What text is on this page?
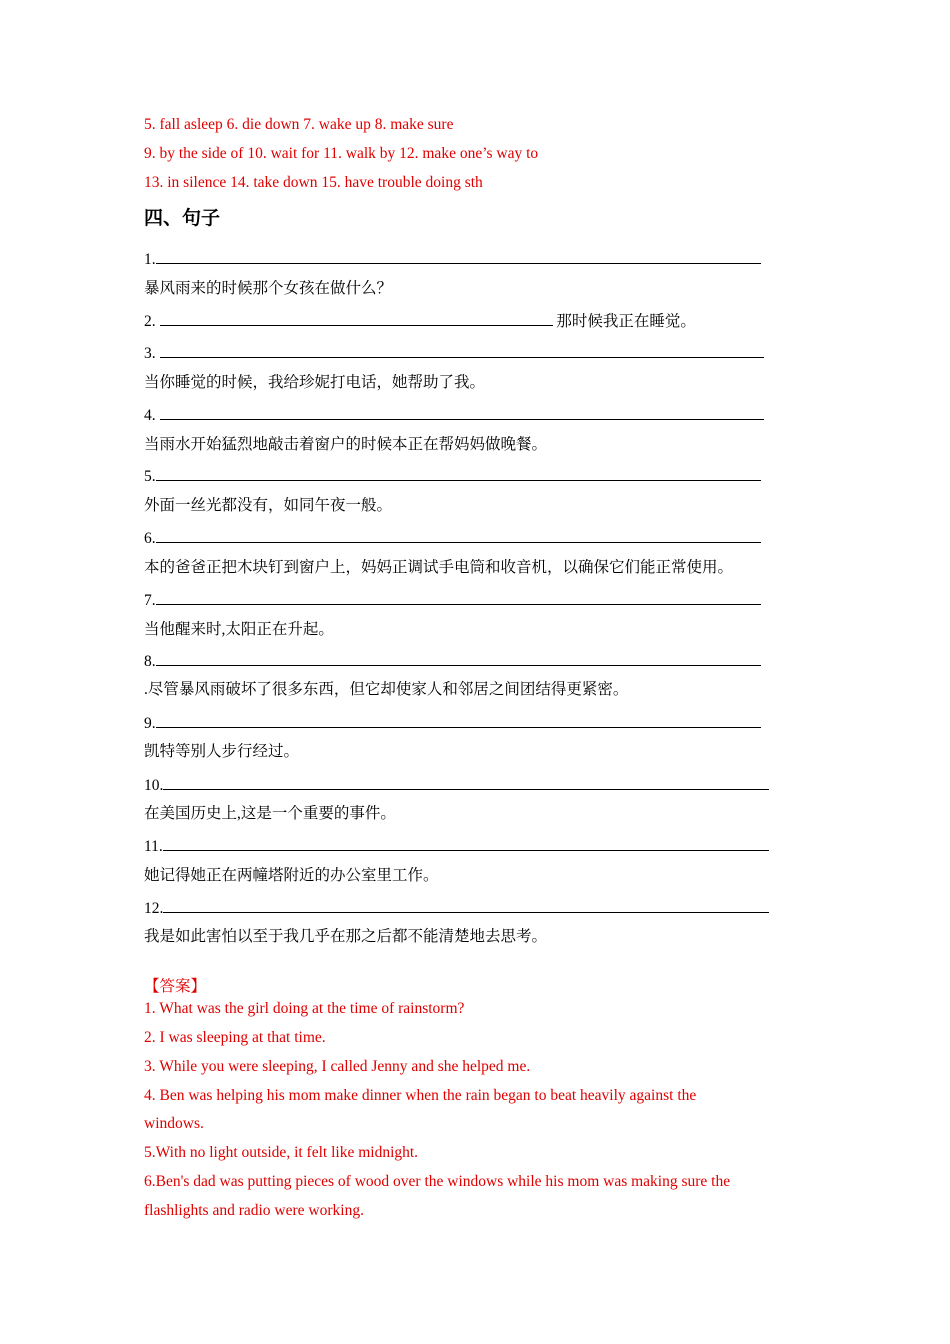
5. fall asleep 6. die down 7. wake up 8. make sure
9. by the side of 10. wait for 11. walk by 12. make one’s way to
13. in silence 14. take down 15. have trouble doing sth
四、句子
1.
暴风雨来的时候那个女孩在做什么？
2.	那时候我正在睡觉。
3.
当你睡觉的时候，我给珍妮打电话，她帮助了我。
4.
当雨水开始猛烈地敲击着窗户的时候本正在帮妈妈做晚餐。
5.
外面一丝光都没有，如同午夜一般。
6.
本的爸爸正把木块钉到窗户上，妈妈正调试手电筒和收音机，以确保它们能正常使用。
7.
当他醒来时,太阳正在升起。
8.
.尽管暴风雨破坏了很多东西，但它却使家人和邻居之间团结得更紧密。
9.
凯特等别人步行经过。
10.
在美国历史上,这是一个重要的事件。
11.
她记得她正在两幢塔附近的办公室里工作。
12.
我是如此害怕以至于我几乎在那之后都不能清楚地去思考。
【答案】
1. What was the girl doing at the time of rainstorm?
2. I was sleeping at that time.
3. While you were sleeping, I called Jenny and she helped me.
4. Ben was helping his mom make dinner when the rain began to beat heavily against the
windows.
5.With no light outside, it felt like midnight.
6.Ben's dad was putting pieces of wood over the windows while his mom was making sure the
flashlights and radio were working.
